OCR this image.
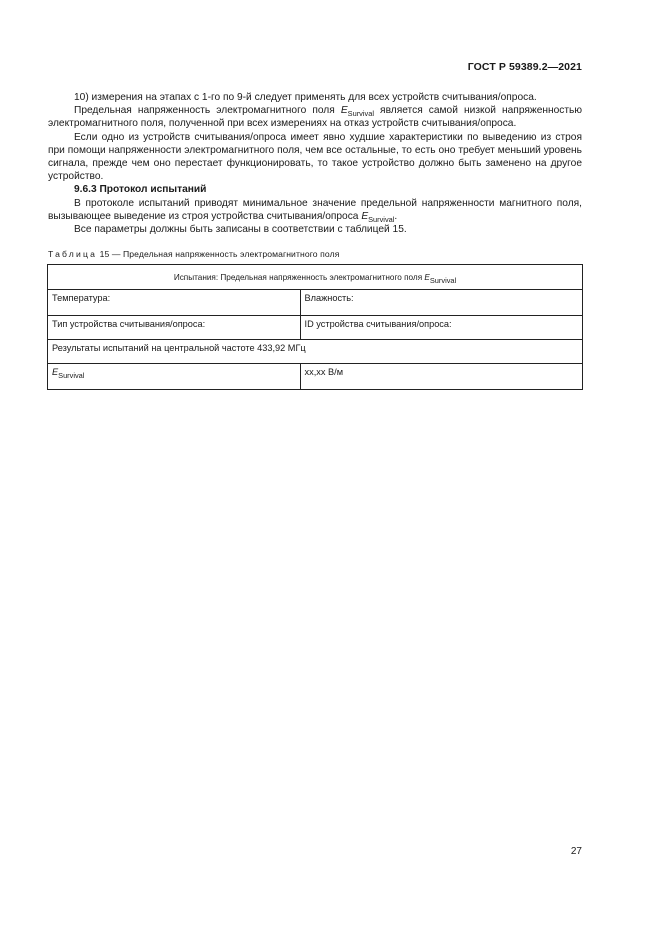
ГОСТ Р 59389.2—2021

10) измерения на этапах с 1-го по 9-й следует применять для всех устройств считывания/опроса.

Предельная напряженность электромагнитного поля $E_{Survival}$ является самой низкой напряженностью электромагнитного поля, полученной при всех измерениях на отказ устройств считывания/опроса.

Если одно из устройств считывания/опроса имеет явно худшие характеристики по выведению из строя при помощи напряженности электромагнитного поля, чем все остальные, то есть оно требует меньший уровень сигнала, прежде чем оно перестает функционировать, то такое устройство должно быть заменено на другое устройство.

9.6.3 Протокол испытаний

В протоколе испытаний приводят минимальное значение предельной напряженности магнитного поля, вызывающее выведение из строя устройства считывания/опроса $E_{Survival}$.

Все параметры должны быть записаны в соответствии с таблицей 15.

Таблица 15 — Предельная напряженность электромагнитного поля
Испытания: Предельная напряженность электромагнитного поля ESurvival	
Температура:	Влажность:
Тип устройства считывания/опроса:	ID устройства считывания/опроса:
Результаты испытаний на центральной частоте 433,92 МГц	
$E_{Survival}$	xx,xx В/м
27
